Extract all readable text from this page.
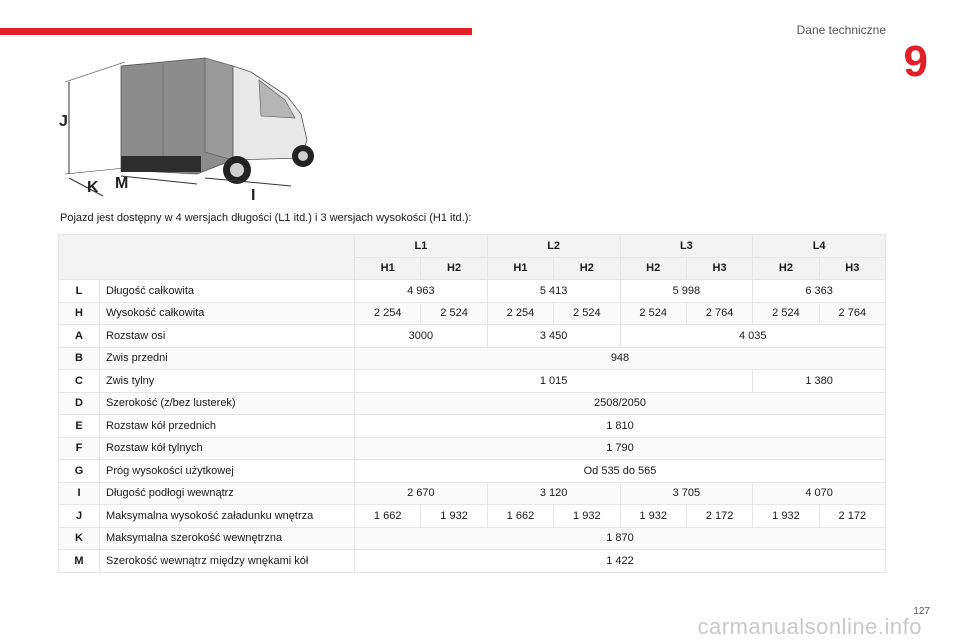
Dane techniczne
9
J
K M
I
Pojazd jest dostępny w 4 wersjach długości (L1 itd.) i 3 wersjach wysokości (H1 itd.):
		L1		L2		L3		L4	
		H1	H2	H1	H2	H2	H3	H2	H3
L	Długość całkowita	4 963		5 413		5 998		6 363	
H	Wysokość całkowita	2 254	2 524	2 254	2 524	2 524	2 764	2 524	2 764
A	Rozstaw osi	3000		3 450		4 035			
B	Zwis przedni	948							
C	Zwis tylny	1 015						1 380	
D	Szerokość (z/bez lusterek)	2508/2050							
E	Rozstaw kół przednich	1 810							
F	Rozstaw kół tylnych	1 790							
G	Próg wysokości użytkowej	Od 535 do 565							
I	Długość podłogi wewnątrz	2 670		3 120		3 705		4 070	
J	Maksymalna wysokość załadunku wnętrza	1 662	1 932	1 662	1 932	1 932	2 172	1 932	2 172
K	Maksymalna szerokość wewnętrzna	1 870							
M	Szerokość wewnątrz między wnękami kół	1 422							
127
carmanualsonline.info
